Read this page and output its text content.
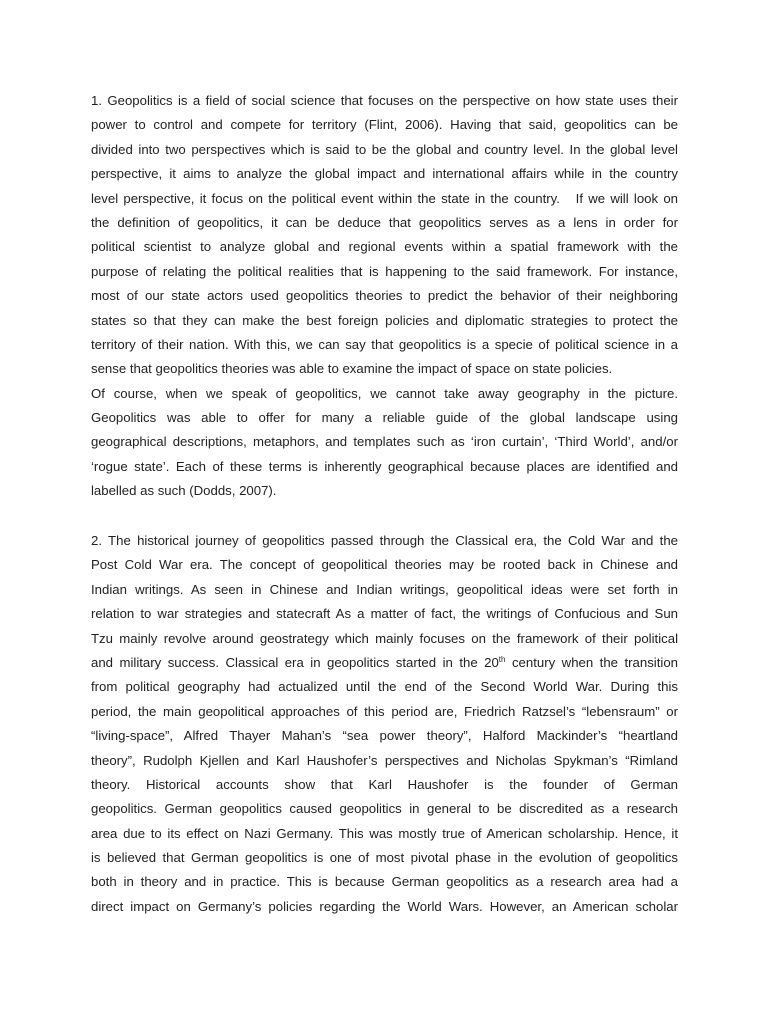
1. Geopolitics is a field of social science that focuses on the perspective on how state uses their
power to control and compete for territory (Flint, 2006). Having that said, geopolitics can be
divided into two perspectives which is said to be the global and country level. In the global level
perspective, it aims to analyze the global impact and international affairs while in the country
level perspective, it focus on the political event within the state in the country.   If we will look on
the definition of geopolitics, it can be deduce that geopolitics serves as a lens in order for
political scientist to analyze global and regional events within a spatial framework with the
purpose of relating the political realities that is happening to the said framework. For instance,
most of our state actors used geopolitics theories to predict the behavior of their neighboring
states so that they can make the best foreign policies and diplomatic strategies to protect the
territory of their nation. With this, we can say that geopolitics is a specie of political science in a
sense that geopolitics theories was able to examine the impact of space on state policies.
Of course, when we speak of geopolitics, we cannot take away geography in the picture.
Geopolitics was able to offer for many a reliable guide of the global landscape using
geographical descriptions, metaphors, and templates such as ‘iron curtain’, ‘Third World’, and/or
‘rogue state’. Each of these terms is inherently geographical because places are identified and
labelled as such (Dodds, 2007).
2. The historical journey of geopolitics passed through the Classical era, the Cold War and the
Post Cold War era. The concept of geopolitical theories may be rooted back in Chinese and
Indian writings. As seen in Chinese and Indian writings, geopolitical ideas were set forth in
relation to war strategies and statecraft As a matter of fact, the writings of Confucious and Sun
Tzu mainly revolve around geostrategy which mainly focuses on the framework of their political
and military success. Classical era in geopolitics started in the 20th century when the transition
from political geography had actualized until the end of the Second World War. During this
period, the main geopolitical approaches of this period are, Friedrich Ratzsel’s “lebensraum” or
“living-space”, Alfred Thayer Mahan’s “sea power theory”, Halford Mackinder’s “heartland
theory”, Rudolph Kjellen and Karl Haushofer’s perspectives and Nicholas Spykman’s “Rimland
theory. Historical accounts show that Karl Haushofer is the founder of German
geopolitics. German geopolitics caused geopolitics in general to be discredited as a research
area due to its effect on Nazi Germany. This was mostly true of American scholarship. Hence, it
is believed that German geopolitics is one of most pivotal phase in the evolution of geopolitics
both in theory and in practice. This is because German geopolitics as a research area had a
direct impact on Germany’s policies regarding the World Wars. However, an American scholar
